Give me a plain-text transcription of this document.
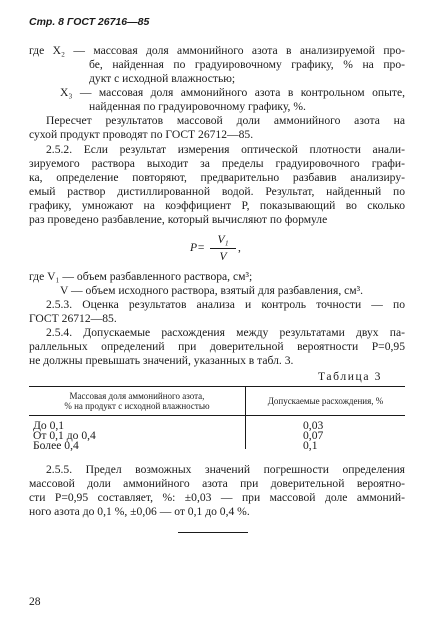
Стр. 8 ГОСТ 26716—85
где X₂ — массовая доля аммонийного азота в анализируемой про-
бе, найденная по градуировочному графику, % на про-
дукт с исходной влажностью;
X₃ — массовая доля аммонийного азота в контрольном опыте,
найденная по градуировочному графику, %.
Пересчет результатов массовой доли аммонийного азота на
сухой продукт проводят по ГОСТ 26712—85.
2.5.2. Если результат измерения оптической плотности анали-
зируемого раствора выходит за пределы градуировочного графи-
ка, определение повторяют, предварительно разбавив анализиру-
емый раствор дистиллированной водой. Результат, найденный по
графику, умножают на коэффициент P, показывающий во сколько
раз проведено разбавление, который вычисляют по формуле
P=
V₁
V
,
где V₁ — объем разбавленного раствора, см³;
V — объем исходного раствора, взятый для разбавления, см³.
2.5.3. Оценка результатов анализа и контроль точности — по
ГОСТ 26712—85.
2.5.4. Допускаемые расхождения между результатами двух па-
раллельных определений при доверительной вероятности P=0,95
не должны превышать значений, указанных в табл. 3.
Таблица 3
Массовая доля аммонийного азота,
% на продукт с исходной влажностью	Допускаемые расхождения, %
До 0,1	0,03
От 0,1 до 0,4	0,07
Более 0,4	0,1
2.5.5. Предел возможных значений погрешности определения
массовой доли аммонийного азота при доверительной вероятно-
сти P=0,95 составляет, %: ±0,03 — при массовой доле аммоний-
ного азота до 0,1 %, ±0,06 — от 0,1 до 0,4 %.
28
